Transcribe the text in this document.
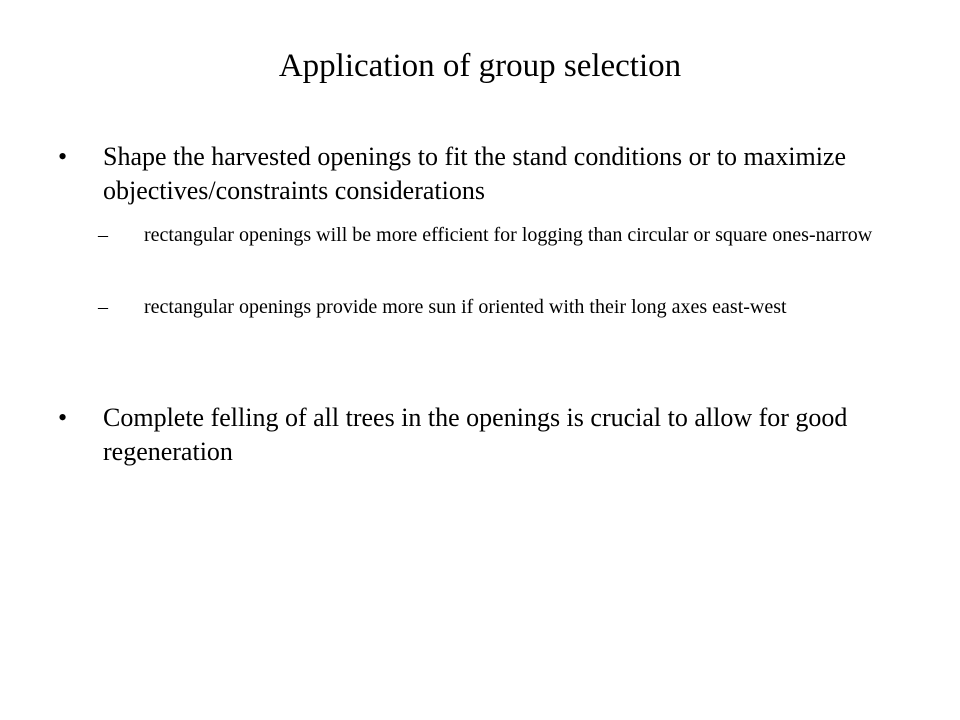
Application of group selection
• Shape the harvested openings to fit the stand conditions or to maximize objectives/constraints considerations
– rectangular openings will be more efficient for logging than circular or square ones-narrow
– rectangular openings provide more sun if oriented with their long axes east-west
• Complete felling of all trees in the openings is crucial to allow for good regeneration
